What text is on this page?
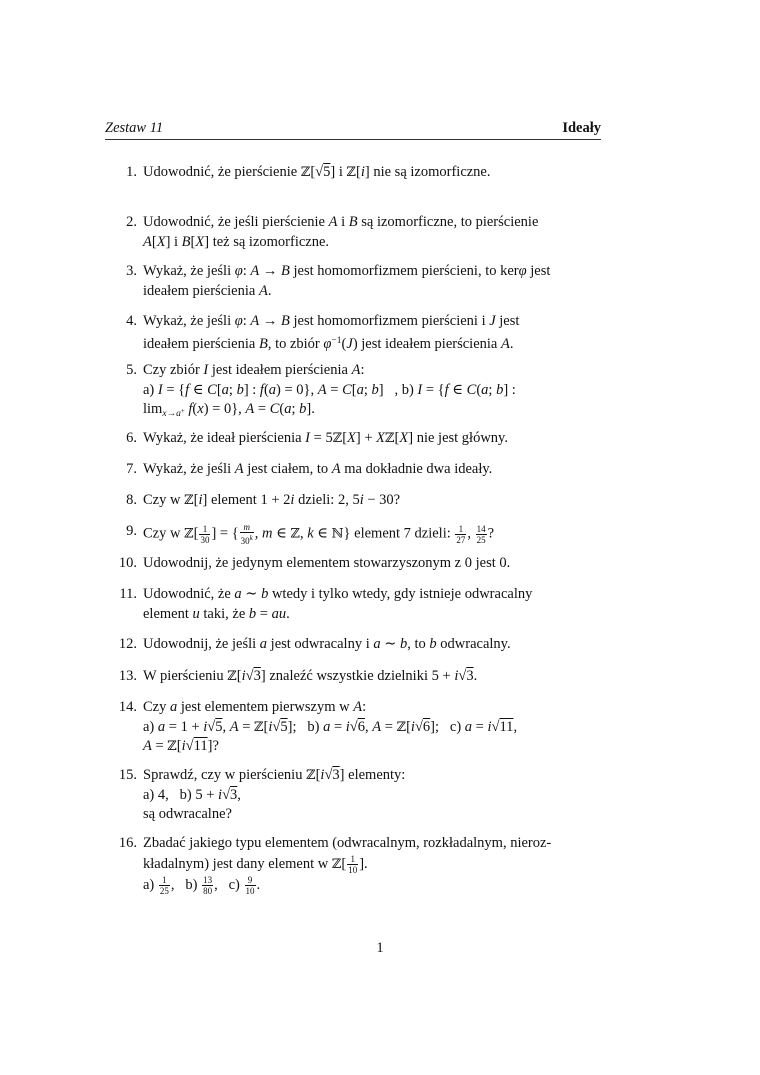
Zestaw 11	Ideały
1. Udowodnić, że pierścienie ℤ[√5] i ℤ[i] nie są izomorficzne.
2. Udowodnić, że jeśli pierścienie A i B są izomorficzne, to pierścienie
A[X] i B[X] też są izomorficzne.
3. Wykaż, że jeśli φ: A → B jest homomorfizmem pierścieni, to kerφ jest
ideałem pierścienia A.
4. Wykaż, że jeśli φ: A → B jest homomorfizmem pierścieni i J jest
ideałem pierścienia B, to zbiór $\varphi^{-1}(J)$ jest ideałem pierścienia A.
5. Czy zbiór I jest ideałem pierścienia A:
a) I = {f ∈ C[a; b] : f(a) = 0}, A = C[a; b]   , b) I = {f ∈ C(a; b] :
$\lim_{x\to a^+} f(x) = 0$}, A = C(a; b].
6. Wykaż, że ideał pierścienia I = 5ℤ[X] + Xℤ[X] nie jest główny.
7. Wykaż, że jeśli A jest ciałem, to A ma dokładnie dwa ideały.
8. Czy w ℤ[i] element 1 + 2i dzieli: 2, 5i − 30?
9. Czy w ℤ[ $\frac{1}{30}$ ] = { $\frac{m}{30^k}$ , m ∈ ℤ, k ∈ ℕ} element 7 dzieli: $\frac{1}{27}$ , $\frac{14}{25}$ ?
10. Udowodnij, że jedynym elementem stowarzyszonym z 0 jest 0.
11. Udowodnić, że a ∼ b wtedy i tylko wtedy, gdy istnieje odwracalny
element u taki, że b = au.
12. Udowodnij, że jeśli a jest odwracalny i a ∼ b, to b odwracalny.
13. W pierścieniu ℤ[i√3] znaleźć wszystkie dzielniki 5 + i√3.
14. Czy a jest elementem pierwszym w A:
a) a = 1 + i√5, A = ℤ[i√5];   b) a = i√6, A = ℤ[i√6];   c) a = i√11,
A = ℤ[i√11]?
15. Sprawdź, czy w pierścieniu ℤ[i√3] elementy:
a) 4,   b) 5 + i√3,
są odwracalne?
16. Zbadać jakiego typu elementem (odwracalnym, rozkładalnym, nieroz-
kładalnym) jest dany element w ℤ[ $\frac{1}{10}$ ].
$a) \frac{1}{25}$ ,   $b) \frac{13}{80}$ ,   $c) \frac{9}{10}$ .
1
